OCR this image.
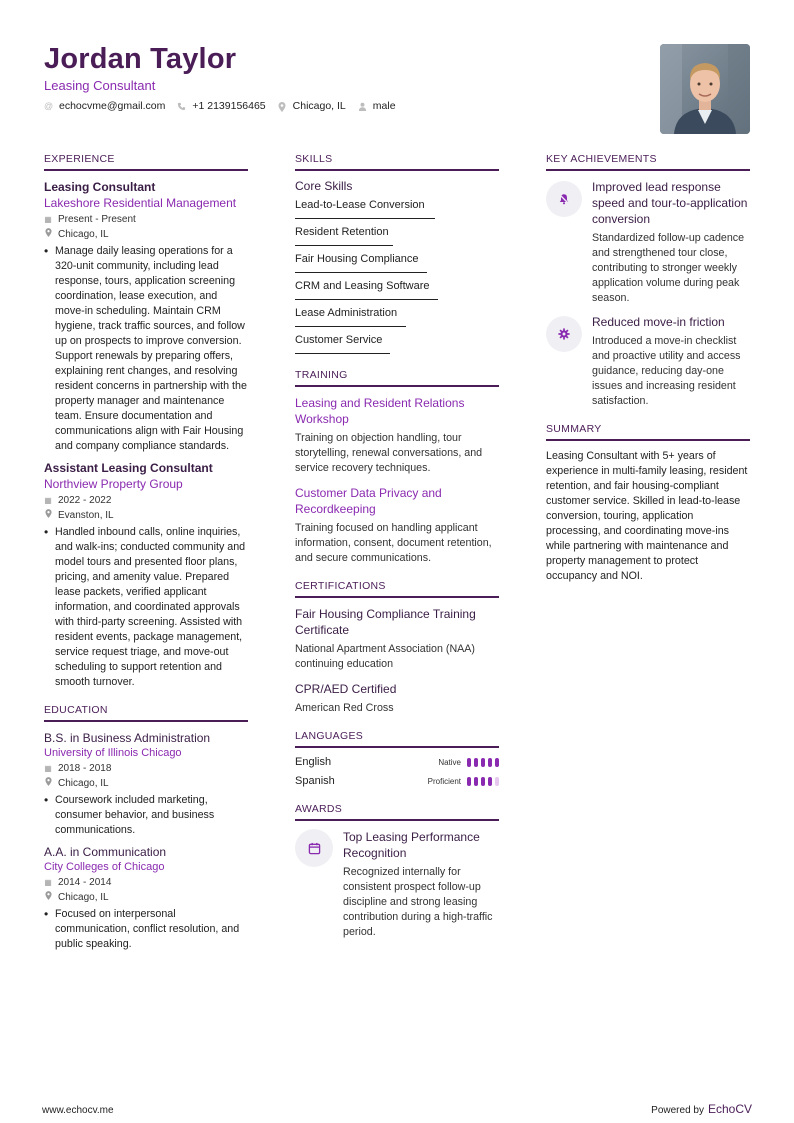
Jordan Taylor
Leasing Consultant
@ echocvme@gmail.com	+1 2139156465	Chicago, IL	male
EXPERIENCE
Leasing Consultant
Lakeshore Residential Management
▦ Present - Present
Chicago, IL
• Manage daily leasing operations for a 320-unit community, including lead response, tours, application screening coordination, lease execution, and move-in scheduling. Maintain CRM hygiene, track traffic sources, and follow up on prospects to improve conversion. Support renewals by preparing offers, explaining rent changes, and resolving resident concerns in partnership with the property manager and maintenance team. Ensure documentation and communications align with Fair Housing and company compliance standards.
Assistant Leasing Consultant
Northview Property Group
▦ 2022 - 2022
Evanston, IL
• Handled inbound calls, online inquiries, and walk-ins; conducted community and model tours and presented floor plans, pricing, and amenity value. Prepared lease packets, verified applicant information, and coordinated approvals with third-party screening. Assisted with resident events, package management, service request triage, and move-out scheduling to support retention and smooth turnover.
EDUCATION
B.S. in Business Administration
University of Illinois Chicago
▦ 2018 - 2018
Chicago, IL
• Coursework included marketing, consumer behavior, and business communications.
A.A. in Communication
City Colleges of Chicago
▦ 2014 - 2014
Chicago, IL
• Focused on interpersonal communication, conflict resolution, and public speaking.
SKILLS
Core Skills
Lead-to-Lease Conversion
Resident Retention
Fair Housing Compliance
CRM and Leasing Software
Lease Administration
Customer Service
TRAINING
Leasing and Resident Relations Workshop
Training on objection handling, tour storytelling, renewal conversations, and service recovery techniques.
Customer Data Privacy and Recordkeeping
Training focused on handling applicant information, consent, document retention, and secure communications.
CERTIFICATIONS
Fair Housing Compliance Training Certificate
National Apartment Association (NAA) continuing education
CPR/AED Certified
American Red Cross
LANGUAGES
English	Native
Spanish	Proficient
AWARDS
Top Leasing Performance Recognition
Recognized internally for consistent prospect follow-up discipline and strong leasing contribution during a high-traffic period.
KEY ACHIEVEMENTS
Improved lead response speed and tour-to-application conversion
Standardized follow-up cadence and strengthened tour close, contributing to stronger weekly application volume during peak season.
Reduced move-in friction
Introduced a move-in checklist and proactive utility and access guidance, reducing day-one issues and increasing resident satisfaction.
SUMMARY
Leasing Consultant with 5+ years of experience in multi-family leasing, resident retention, and fair housing-compliant customer service. Skilled in lead-to-lease conversion, touring, application processing, and coordinating move-ins while partnering with maintenance and property management to protect occupancy and NOI.
www.echocv.me	Powered by EchoCV
